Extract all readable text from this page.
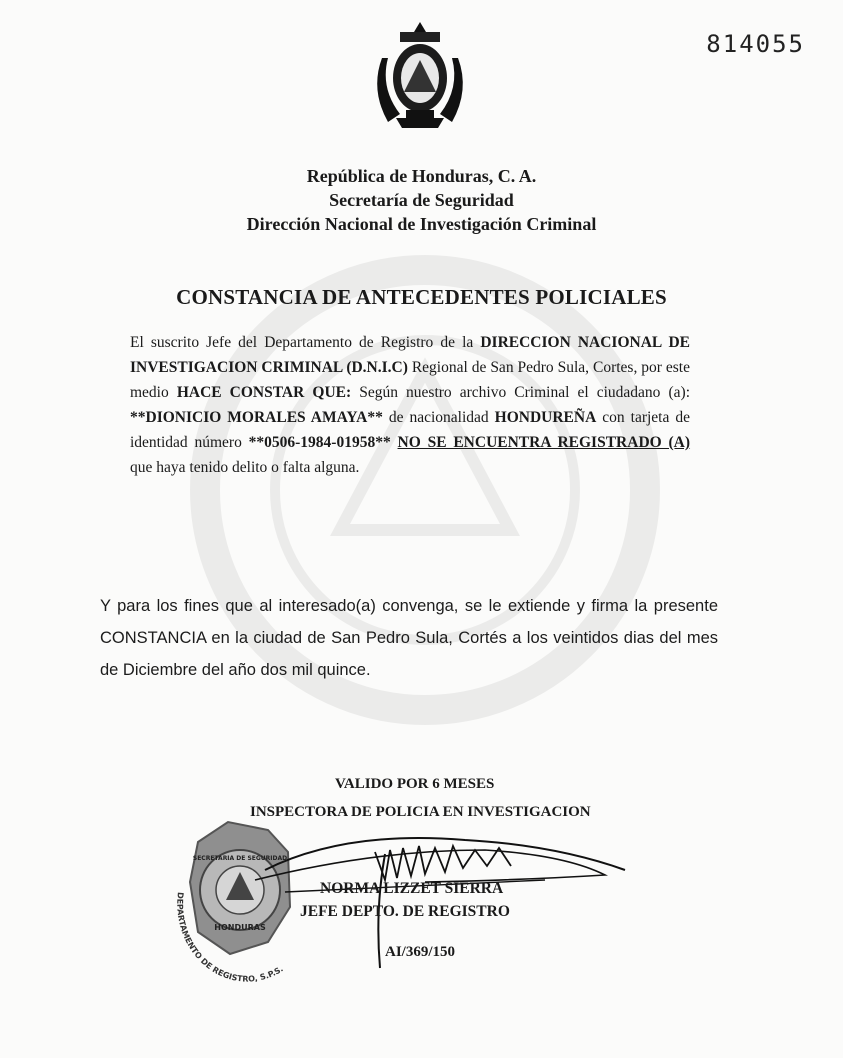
814055
República de Honduras, C. A.
Secretaría de Seguridad
Dirección Nacional de Investigación Criminal
CONSTANCIA DE ANTECEDENTES POLICIALES
El suscrito Jefe del Departamento de Registro de la DIRECCION NACIONAL DE INVESTIGACION CRIMINAL (D.N.I.C) Regional de San Pedro Sula, Cortes, por este medio HACE CONSTAR QUE: Según nuestro archivo Criminal el ciudadano (a): **DIONICIO MORALES AMAYA** de nacionalidad HONDUREÑA con tarjeta de identidad número **0506-1984-01958** NO SE ENCUENTRA REGISTRADO (A) que haya tenido delito o falta alguna.
Y para los fines que al interesado(a) convenga, se le extiende y firma la presente CONSTANCIA en la ciudad de San Pedro Sula, Cortés a los veintidos dias del mes de Diciembre del año dos mil quince.
VALIDO POR 6 MESES
INSPECTORA DE POLICIA EN INVESTIGACION
DEPARTAMENTO DE REGISTRO, S.P.S.
HONDURAS
SECRETARIA DE SEGURIDAD
NORMA LIZZET SIERRA
JEFE DEPTO. DE REGISTRO
AI/369/150
